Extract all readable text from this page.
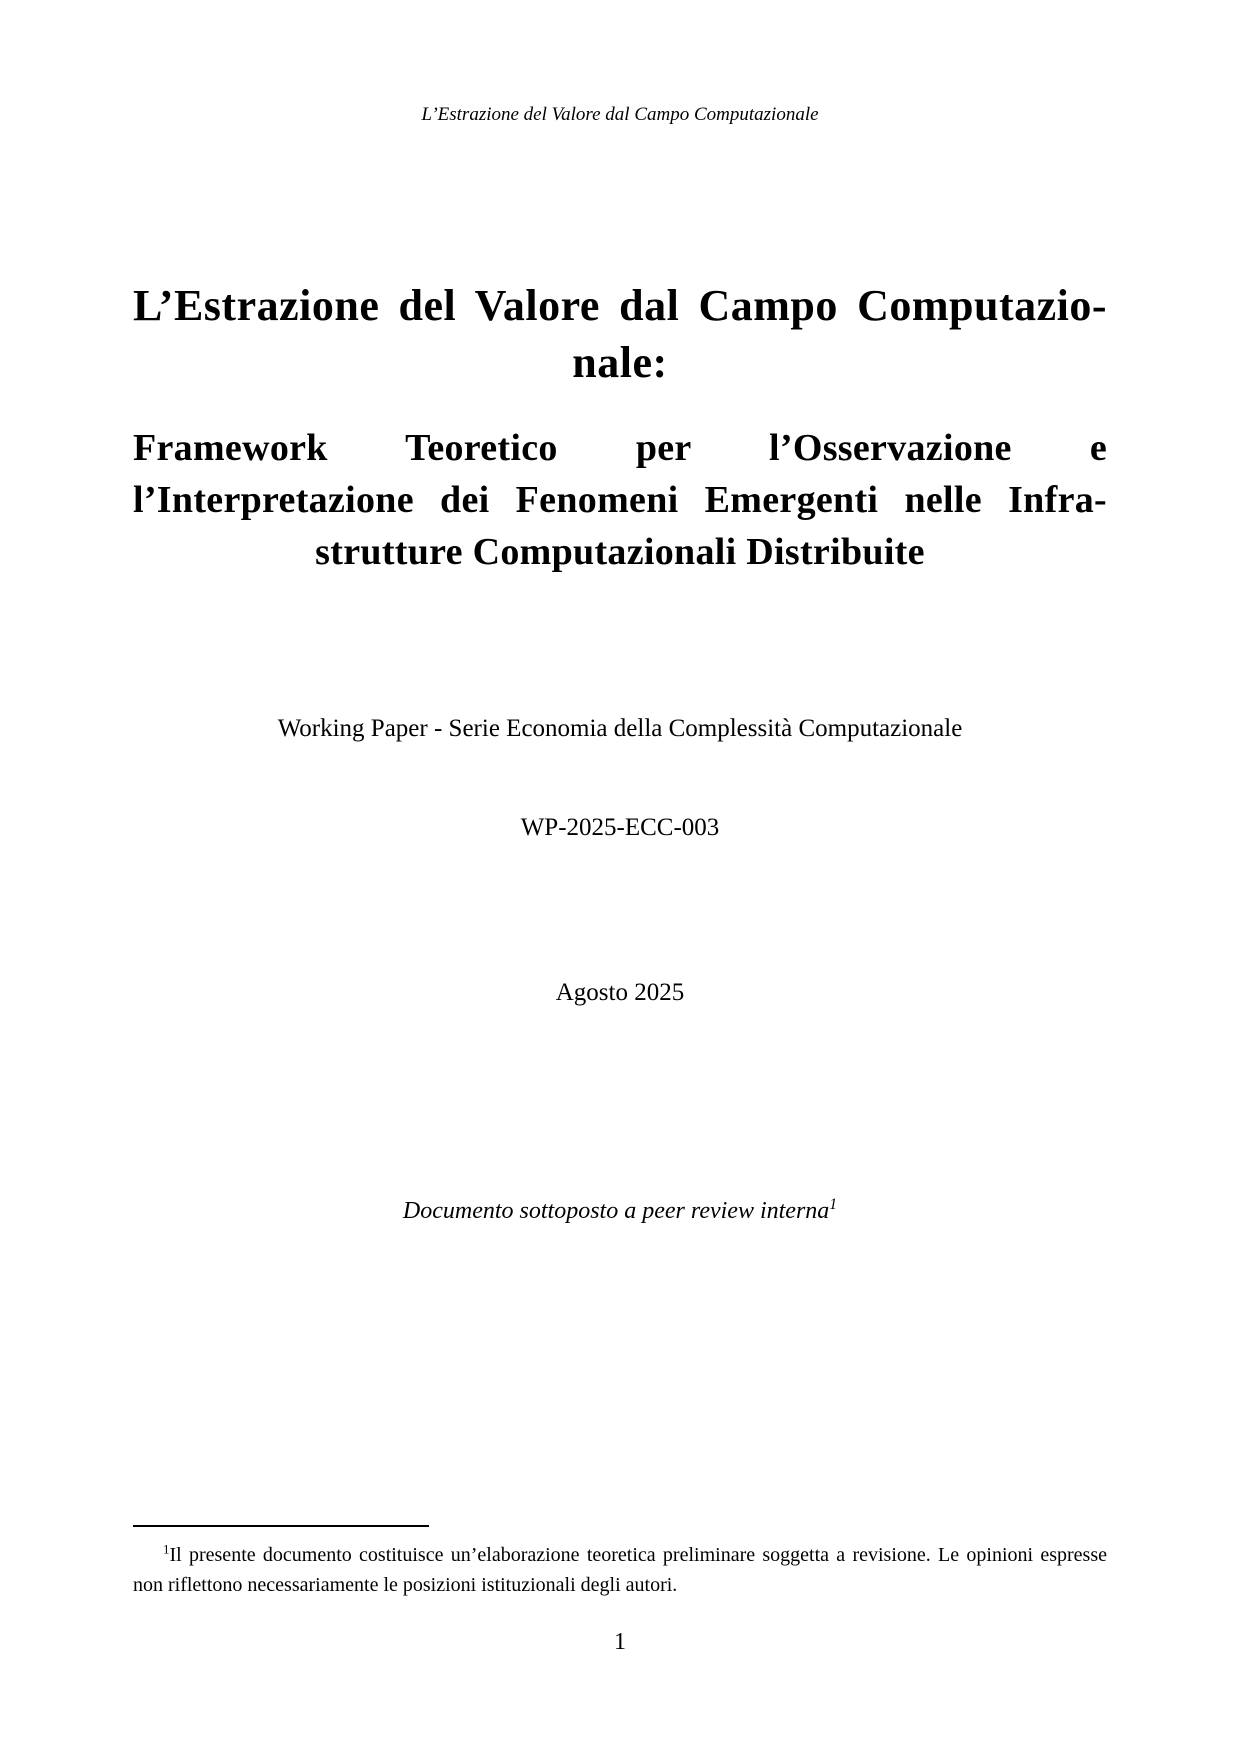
L’Estrazione del Valore dal Campo Computazionale
L’Estrazione del Valore dal Campo Computazio-
nale:
Framework Teoretico per l’Osservazione e
l’Interpretazione dei Fenomeni Emergenti nelle Infra-
strutture Computazionali Distribuite
Working Paper - Serie Economia della Complessità Computazionale
WP-2025-ECC-003
Agosto 2025
Documento sottoposto a peer review interna$^1$
$^1$Il presente documento costituisce un’elaborazione teoretica preliminare soggetta a revisione. Le opinioni espresse non riflettono necessariamente le posizioni istituzionali degli autori.
1
